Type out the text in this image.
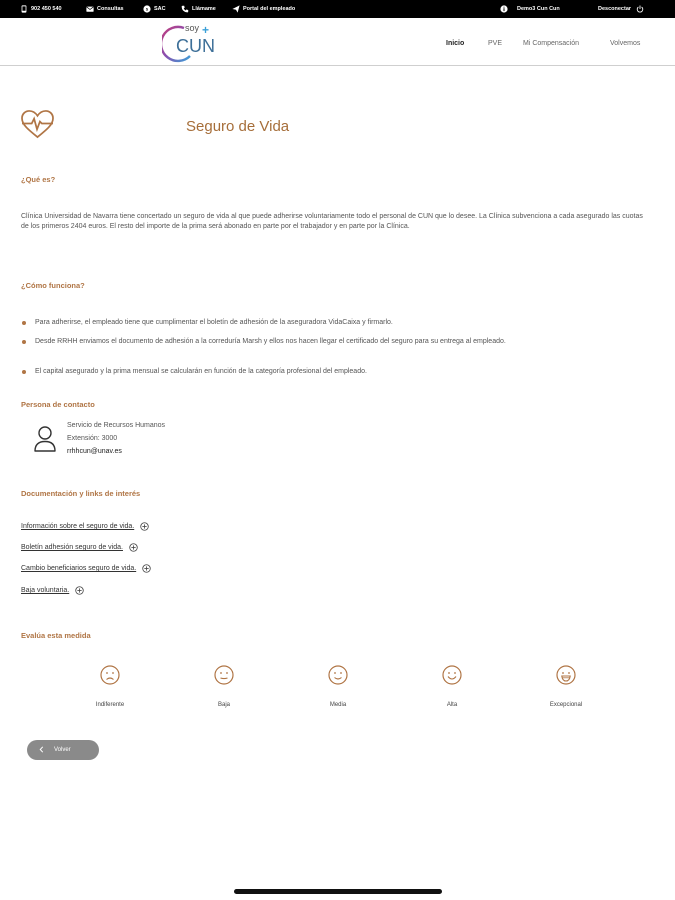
902 450 540	Consultas	S SAC	Llámame	Portal del empleado	Demo3 Cun Cun	Desconectar
soy +
CUN	Inicio	PVE	Mi Compensación	Volvemos
Seguro de Vida
¿Qué es?
Clínica Universidad de Navarra tiene concertado un seguro de vida al que puede adherirse voluntariamente todo el personal de CUN que lo desee. La Clínica subvenciona a cada asegurado las cuotas de los primeros 2404 euros. El resto del importe de la prima será abonado en parte por el trabajador y en parte por la Clínica.
¿Cómo funciona?
Para adherirse, el empleado tiene que cumplimentar el boletín de adhesión de la aseguradora VidaCaixa y firmarlo.
Desde RRHH enviamos el documento de adhesión a la correduría Marsh y ellos nos hacen llegar el certificado del seguro para su entrega al empleado.
El capital asegurado y la prima mensual se calcularán en función de la categoría profesional del empleado.
Persona de contacto
Servicio de Recursos Humanos
Extensión: 3000
rrhhcun@unav.es
Documentación y links de interés
Información sobre el seguro de vida.
Boletín adhesión seguro de vida.
Cambio beneficiarios seguro de vida.
Baja voluntaria.
Evalúa esta medida
Indiferente	Baja	Media	Alta	Excepcional
Volver
